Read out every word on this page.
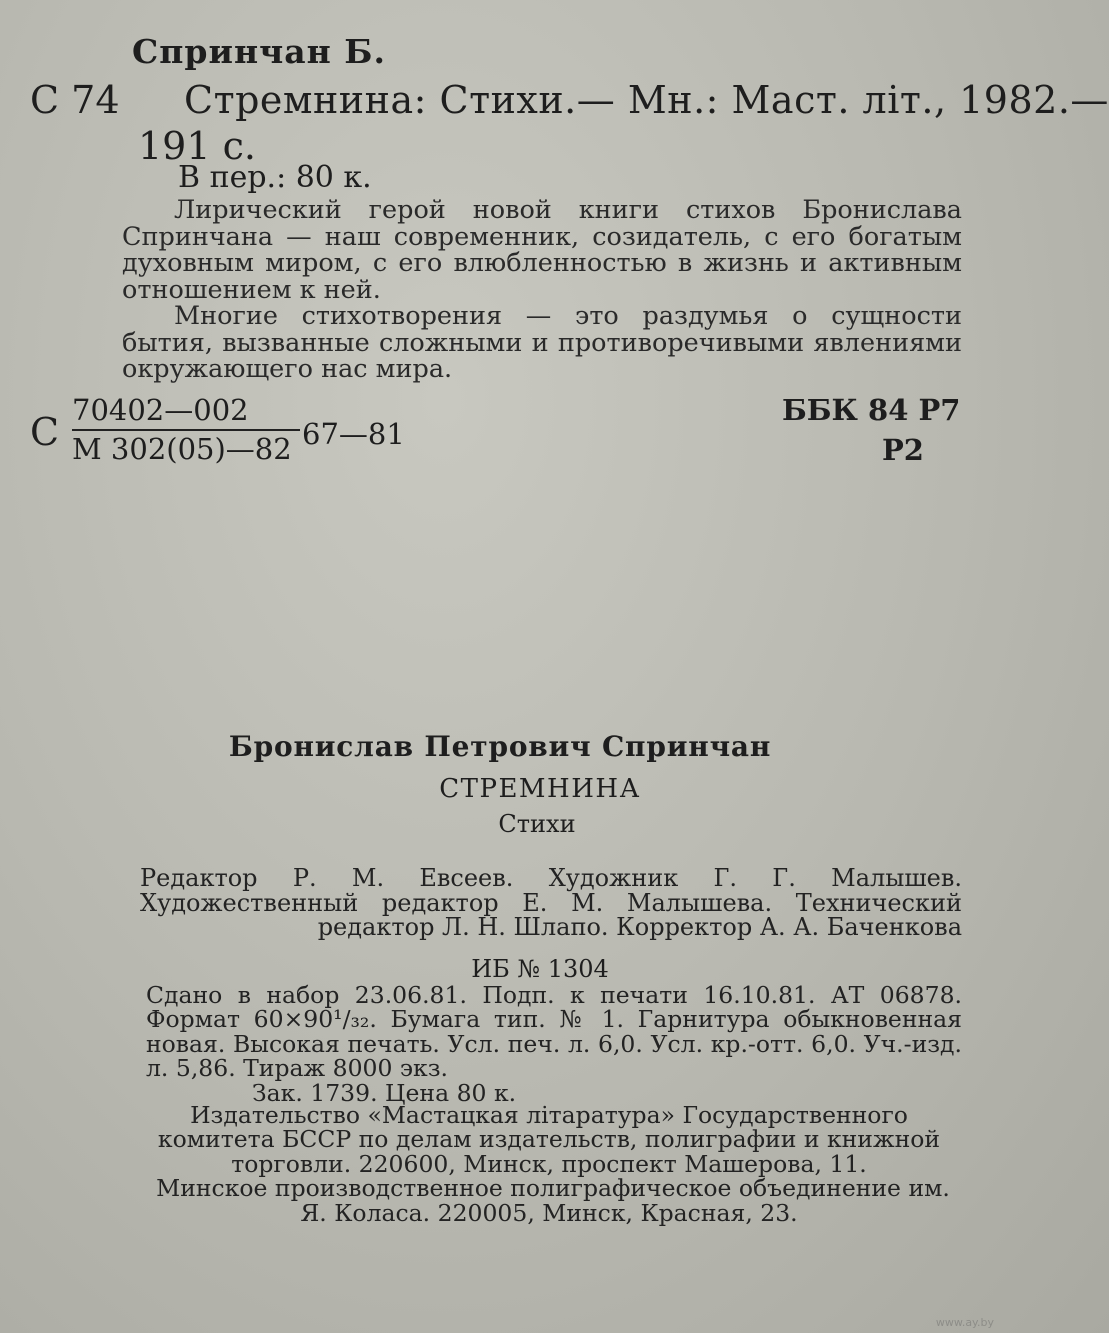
Спринчан Б.
С 74 Стремнина: Стихи.— Мн.: Маст. літ., 1982.—
191 с.
В пер.: 80 к.

Лирический герой новой книги стихов Бронислава Спринчана — наш современник, созидатель, с его богатым духовным миром, с его влюбленностью в жизнь и активным отношением к ней.

Многие стихотворения — это раздумья о сущности бытия, вызванные сложными и противоречивыми явлениями окружающего нас мира.

С 70402—002
М 302(05)—82 67—81
ББК 84 Р7
Р2
Бронислав Петрович Спринчан
СТРЕМНИНА
Стихи

Редактор Р. М. Евсеев. Художник Г. Г. Малышев. Художественный редактор Е. М. Малышева. Технический редактор Л. Н. Шлапо. Корректор А. А. Баченкова

ИБ № 1304

Сдано в набор 23.06.81. Подп. к печати 16.10.81. АТ 06878. Формат 60×90¹/₃₂. Бумага тип. № 1. Гарнитура обыкновенная новая. Высокая печать. Усл. печ. л. 6,0. Усл. кр.-отт. 6,0. Уч.-изд. л. 5,86. Тираж 8000 экз.

Зак. 1739. Цена 80 к.

Издательство «Мастацкая літаратура» Государственного комитета БССР по делам издательств, полиграфии и книжной торговли. 220600, Минск, проспект Машерова, 11.

Минское производственное полиграфическое объединение им. Я. Коласа. 220005, Минск, Красная, 23.

www.ay.by
